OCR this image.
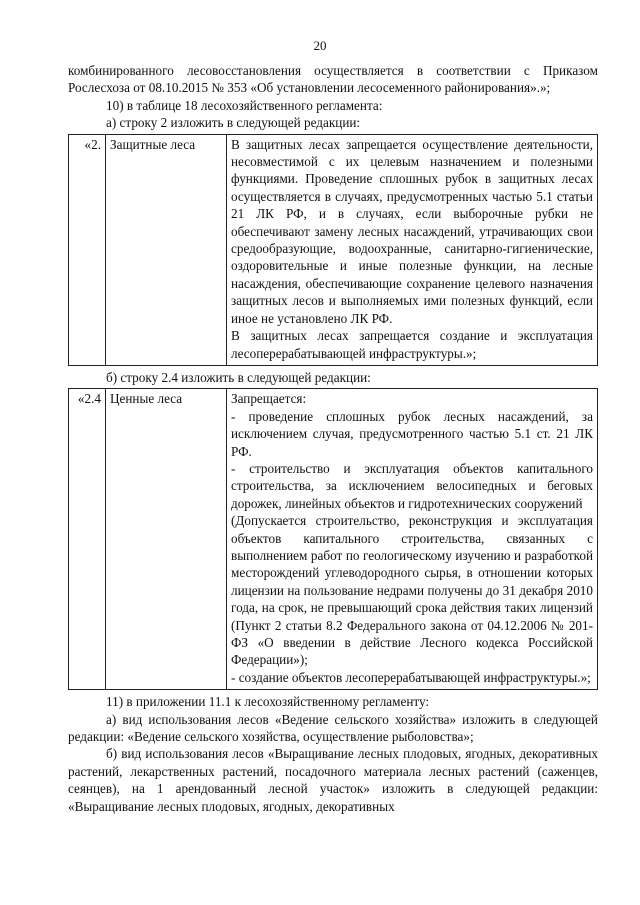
20

комбинированного лесовосстановления осуществляется в соответствии с Приказом Рослесхоза от 08.10.2015 № 353 «Об установлении лесосеменного районирования».»;

10) в таблице 18 лесохозяйственного регламента:

а) строку 2 изложить в следующей редакции:

«2.	Защитные леса	В защитных лесах запрещается осуществление деятельности, несовместимой с их целевым назначением и полезными функциями. Проведение сплошных рубок в защитных лесах осуществляется в случаях, предусмотренных частью 5.1 статьи 21 ЛК РФ, и в случаях, если выборочные рубки не обеспечивают замену лесных насаждений, утрачивающих свои средообразующие, водоохранные, санитарно-гигиенические, оздоровительные и иные полезные функции, на лесные насаждения, обеспечивающие сохранение целевого назначения защитных лесов и выполняемых ими полезных функций, если иное не установлено ЛК РФ.
В защитных лесах запрещается создание и эксплуатация лесоперерабатывающей инфраструктуры.»;

б) строку 2.4 изложить в следующей редакции:

«2.4	Ценные леса	Запрещается:
- проведение сплошных рубок лесных насаждений, за исключением случая, предусмотренного частью 5.1 ст. 21 ЛК РФ.
- строительство и эксплуатация объектов капитального строительства, за исключением велосипедных и беговых дорожек, линейных объектов и гидротехнических сооружений
(Допускается строительство, реконструкция и эксплуатация объектов капитального строительства, связанных с выполнением работ по геологическому изучению и разработкой месторождений углеводородного сырья, в отношении которых лицензии на пользование недрами получены до 31 декабря 2010 года, на срок, не превышающий срока действия таких лицензий (Пункт 2 статьи 8.2 Федерального закона от 04.12.2006 № 201-ФЗ «О введении в действие Лесного кодекса Российской Федерации»);
- создание объектов лесоперерабатывающей инфраструктуры.»;

11) в приложении 11.1 к лесохозяйственному регламенту:

а) вид использования лесов «Ведение сельского хозяйства» изложить в следующей редакции: «Ведение сельского хозяйства, осуществление рыболовства»;

б) вид использования лесов «Выращивание лесных плодовых, ягодных, декоративных растений, лекарственных растений, посадочного материала лесных растений (саженцев, сеянцев), на 1 арендованный лесной участок» изложить в следующей редакции: «Выращивание лесных плодовых, ягодных, декоративных
